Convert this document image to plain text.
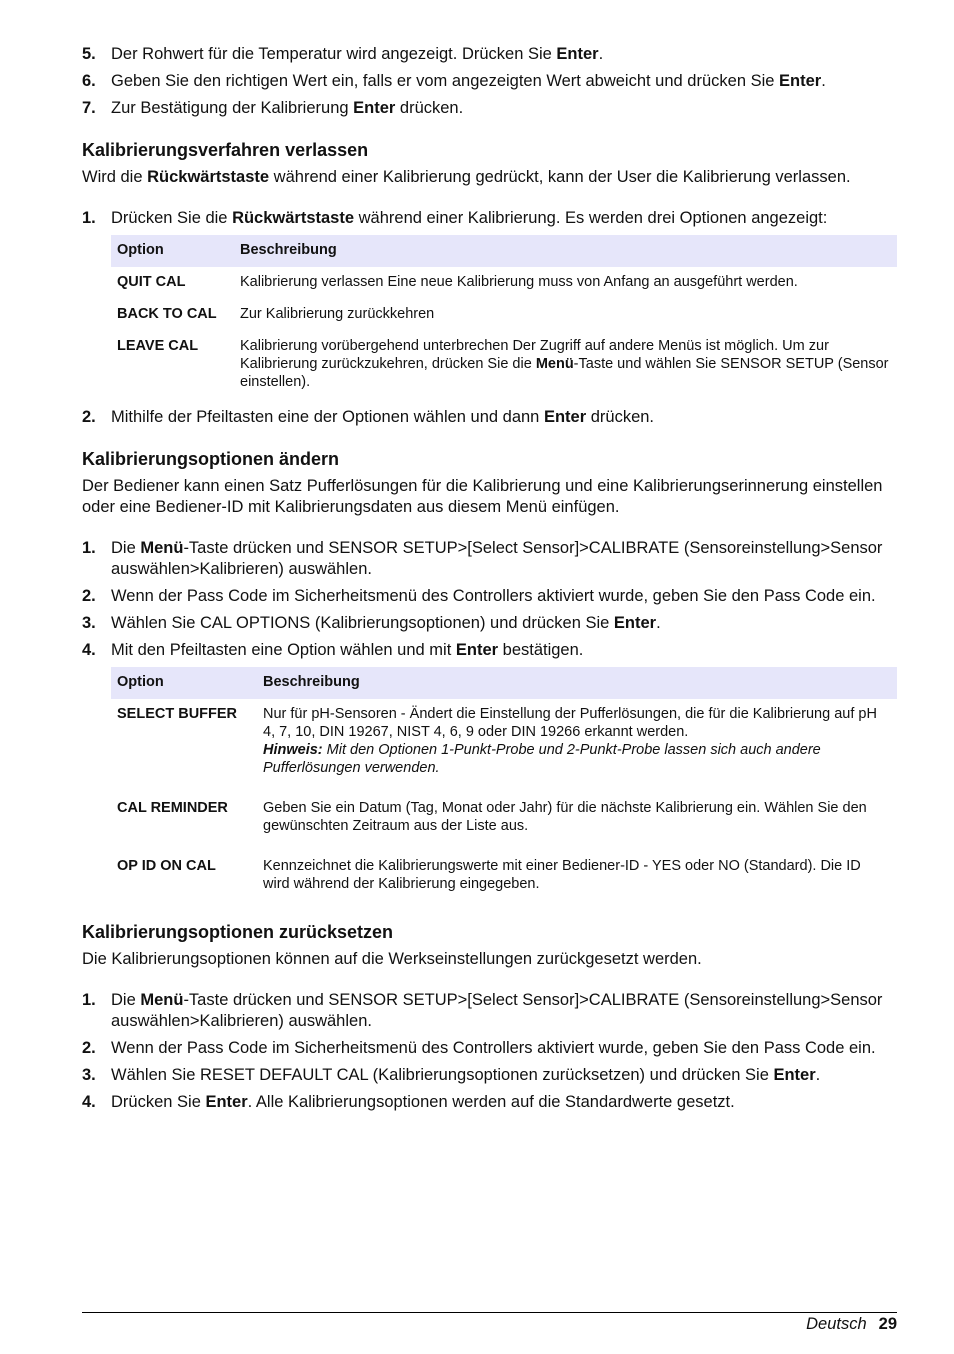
5. Der Rohwert für die Temperatur wird angezeigt. Drücken Sie Enter.
6. Geben Sie den richtigen Wert ein, falls er vom angezeigten Wert abweicht und drücken Sie Enter.
7. Zur Bestätigung der Kalibrierung Enter drücken.
Kalibrierungsverfahren verlassen

Wird die Rückwärtstaste während einer Kalibrierung gedrückt, kann der User die Kalibrierung verlassen.

1. Drücken Sie die Rückwärtstaste während einer Kalibrierung. Es werden drei Optionen angezeigt:
Option	Beschreibung
QUIT CAL	Kalibrierung verlassen Eine neue Kalibrierung muss von Anfang an ausgeführt werden.
BACK TO CAL	Zur Kalibrierung zurückkehren
LEAVE CAL	Kalibrierung vorübergehend unterbrechen Der Zugriff auf andere Menüs ist möglich. Um zur Kalibrierung zurückzukehren, drücken Sie die Menü-Taste und wählen Sie SENSOR SETUP (Sensor einstellen).
2. Mithilfe der Pfeiltasten eine der Optionen wählen und dann Enter drücken.
Kalibrierungsoptionen ändern

Der Bediener kann einen Satz Pufferlösungen für die Kalibrierung und eine Kalibrierungserinnerung einstellen oder eine Bediener-ID mit Kalibrierungsdaten aus diesem Menü einfügen.

1. Die Menü-Taste drücken und SENSOR SETUP>[Select Sensor]>CALIBRATE (Sensoreinstellung>Sensor auswählen>Kalibrieren) auswählen.
2. Wenn der Pass Code im Sicherheitsmenü des Controllers aktiviert wurde, geben Sie den Pass Code ein.
3. Wählen Sie CAL OPTIONS (Kalibrierungsoptionen) und drücken Sie Enter.
4. Mit den Pfeiltasten eine Option wählen und mit Enter bestätigen.
Option	Beschreibung
SELECT BUFFER	Nur für pH-Sensoren - Ändert die Einstellung der Pufferlösungen, die für die Kalibrierung auf pH 4, 7, 10, DIN 19267, NIST 4, 6, 9 oder DIN 19266 erkannt werden.
Hinweis: Mit den Optionen 1-Punkt-Probe und 2-Punkt-Probe lassen sich auch andere Pufferlösungen verwenden.
CAL REMINDER	Geben Sie ein Datum (Tag, Monat oder Jahr) für die nächste Kalibrierung ein. Wählen Sie den gewünschten Zeitraum aus der Liste aus.
OP ID ON CAL	Kennzeichnet die Kalibrierungswerte mit einer Bediener-ID - YES oder NO (Standard). Die ID wird während der Kalibrierung eingegeben.
Kalibrierungsoptionen zurücksetzen

Die Kalibrierungsoptionen können auf die Werkseinstellungen zurückgesetzt werden.

1. Die Menü-Taste drücken und SENSOR SETUP>[Select Sensor]>CALIBRATE (Sensoreinstellung>Sensor auswählen>Kalibrieren) auswählen.
2. Wenn der Pass Code im Sicherheitsmenü des Controllers aktiviert wurde, geben Sie den Pass Code ein.
3. Wählen Sie RESET DEFAULT CAL (Kalibrierungsoptionen zurücksetzen) und drücken Sie Enter.
4. Drücken Sie Enter. Alle Kalibrierungsoptionen werden auf die Standardwerte gesetzt.
Deutsch 29
